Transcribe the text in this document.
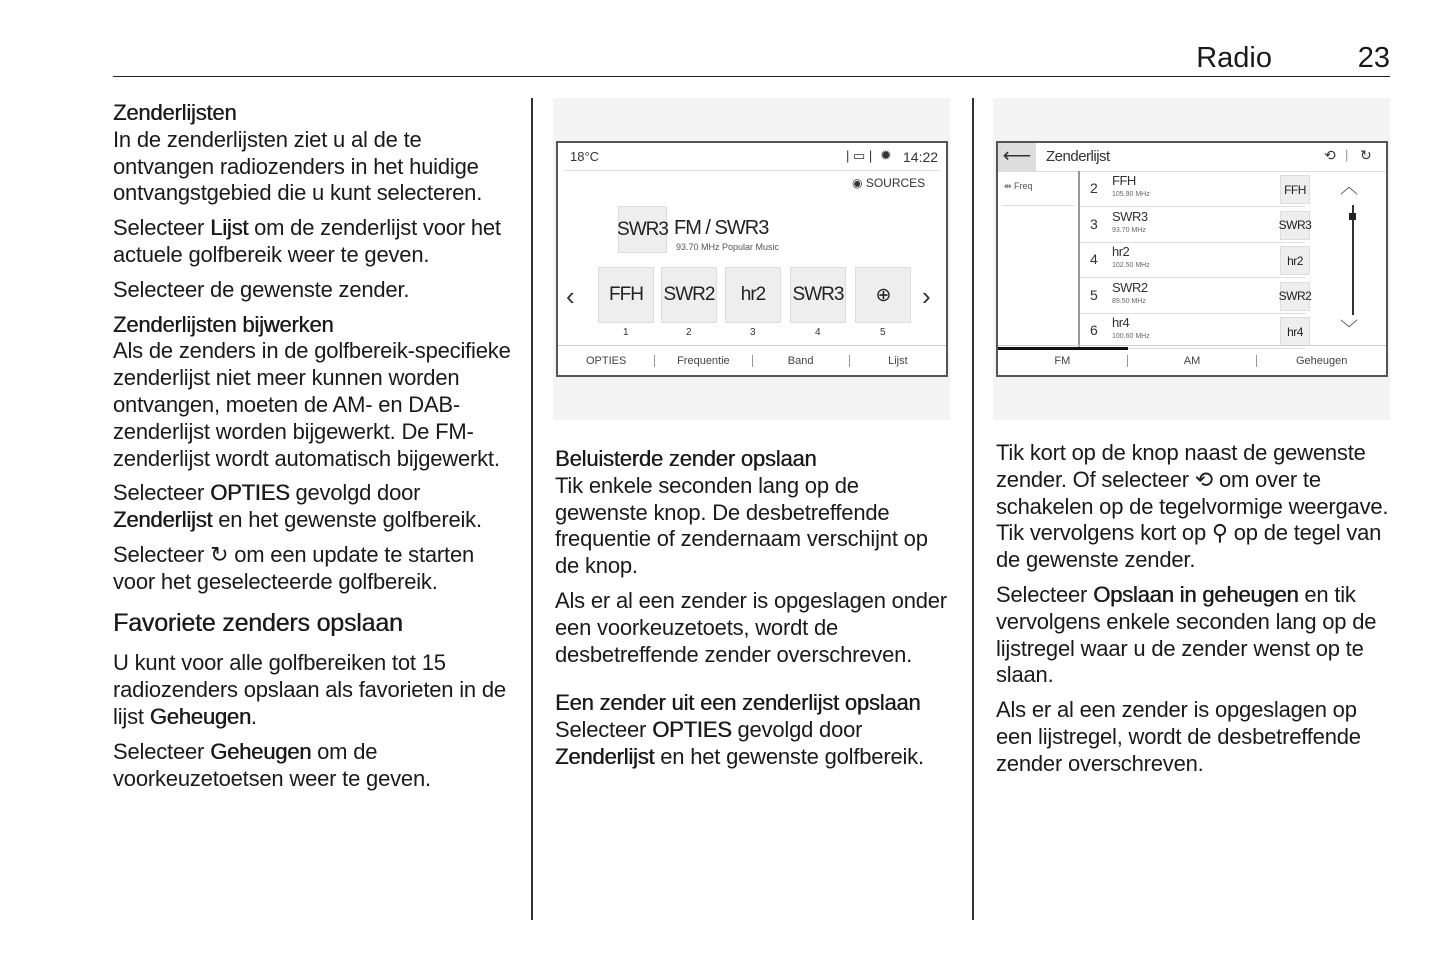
Radio	23
Zenderlijsten

In de zenderlijsten ziet u al de te ontvangen radiozenders in het huidige ontvangstgebied die u kunt selecteren.

Selecteer Lijst om de zenderlijst voor het actuele golfbereik weer te geven.

Selecteer de gewenste zender.

Zenderlijsten bijwerken

Als de zenders in de golfbereik-specifieke zenderlijst niet meer kunnen worden ontvangen, moeten de AM- en DAB-zenderlijst worden bijgewerkt. De FM-zenderlijst wordt automatisch bijgewerkt.

Selecteer OPTIES gevolgd door Zenderlijst en het gewenste golfbereik.

Selecteer ↻ om een update te starten voor het geselecteerde golfbereik.

Favoriete zenders opslaan

U kunt voor alle golfbereiken tot 15 radiozenders opslaan als favorieten in de lijst Geheugen.

Selecteer Geheugen om de voorkeuzetoetsen weer te geven.

18°C	| ▭ | ✹ 14:22
◉ SOURCES
SWR3 FM / SWR3
93.70 MHz Popular Music
‹	›
FFH
1
SWR2
2
hr2
3
SWR3
4
⊕
5
OPTIES	Frequentie	Band	Lijst
Beluisterde zender opslaan

Tik enkele seconden lang op de gewenste knop. De desbetreffende frequentie of zendernaam verschijnt op de knop.

Als er al een zender is opgeslagen onder een voorkeuzetoets, wordt de desbetreffende zender overschreven.

Een zender uit een zenderlijst opslaan

Selecteer OPTIES gevolgd door Zenderlijst en het gewenste golfbereik.

⟵ Zenderlijst	⟲ | ↻
⇹ Freq	2 FFH
105.90 MHz	FFH
3 SWR3
93.70 MHz	SWR3
4 hr2
102.50 MHz	hr2
5 SWR2
89.50 MHz	SWR2
6 hr4
100.60 MHz	hr4
︿
﹀
FM	AM	Geheugen

Tik kort op de knop naast de gewenste zender. Of selecteer ⟲ om over te schakelen op de tegelvormige weergave. Tik vervolgens kort op ⚲ op de tegel van de gewenste zender.

Selecteer Opslaan in geheugen en tik vervolgens enkele seconden lang op de lijstregel waar u de zender wenst op te slaan.

Als er al een zender is opgeslagen op een lijstregel, wordt de desbetreffende zender overschreven.
